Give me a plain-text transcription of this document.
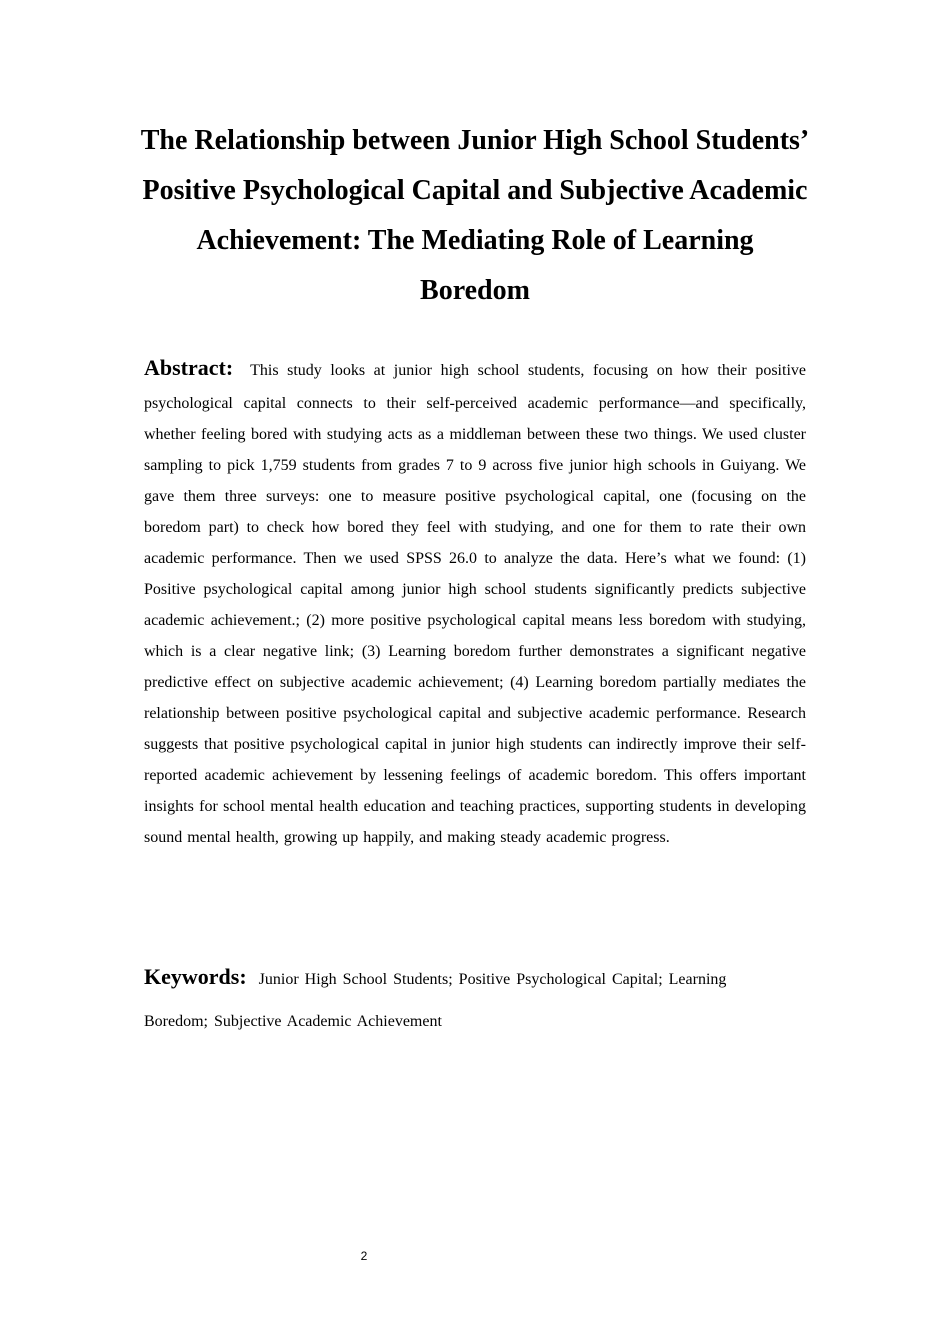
The Relationship between Junior High School Students’ Positive Psychological Capital and Subjective Academic Achievement: The Mediating Role of Learning Boredom

Abstract: This study looks at junior high school students, focusing on how their positive psychological capital connects to their self-perceived academic performance—and specifically, whether feeling bored with studying acts as a middleman between these two things. We used cluster sampling to pick 1,759 students from grades 7 to 9 across five junior high schools in Guiyang. We gave them three surveys: one to measure positive psychological capital, one (focusing on the boredom part) to check how bored they feel with studying, and one for them to rate their own academic performance. Then we used SPSS 26.0 to analyze the data. Here’s what we found: (1) Positive psychological capital among junior high school students significantly predicts subjective academic achievement.; (2) more positive psychological capital means less boredom with studying, which is a clear negative link; (3) Learning boredom further demonstrates a significant negative predictive effect on subjective academic achievement; (4) Learning boredom partially mediates the relationship between positive psychological capital and subjective academic performance. Research suggests that positive psychological capital in junior high students can indirectly improve their self-reported academic achievement by lessening feelings of academic boredom. This offers important insights for school mental health education and teaching practices, supporting students in developing sound mental health, growing up happily, and making steady academic progress.

Keywords: Junior High School Students; Positive Psychological Capital; Learning Boredom; Subjective Academic Achievement

2
